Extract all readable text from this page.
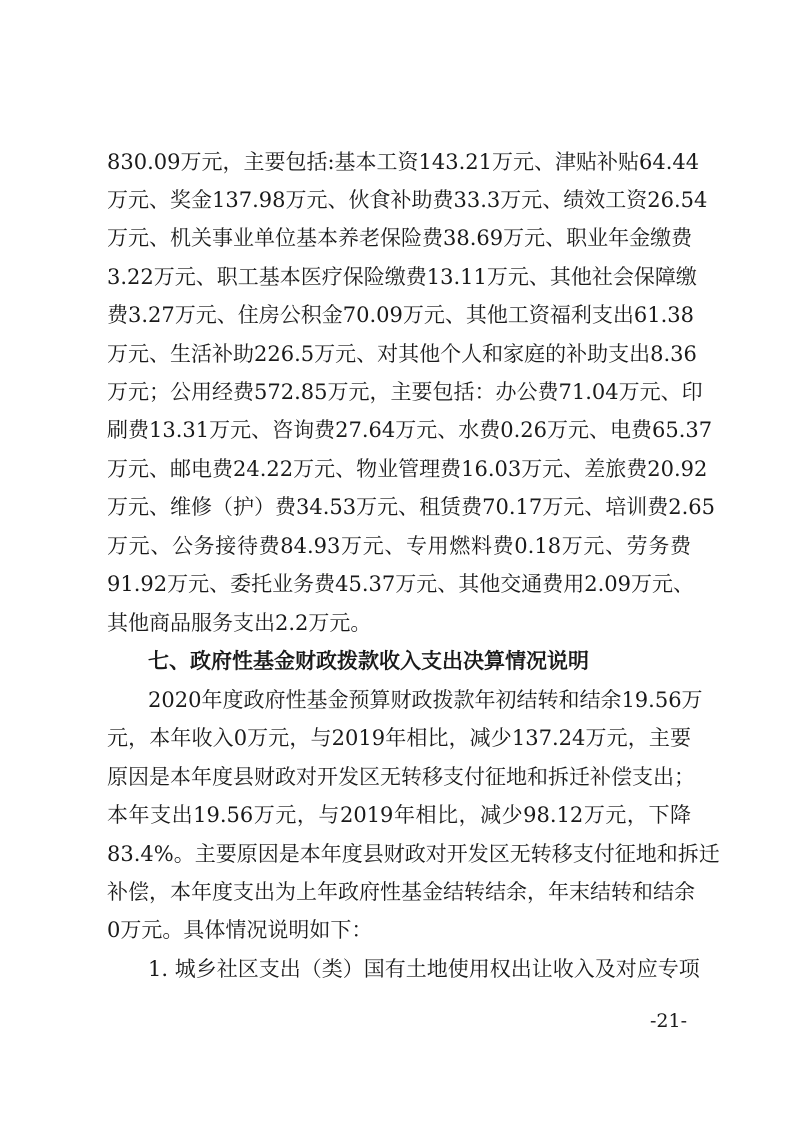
830.09万元，主要包括:基本工资143.21万元、津贴补贴64.44
万元、奖金137.98万元、伙食补助费33.3万元、绩效工资26.54
万元、机关事业单位基本养老保险费38.69万元、职业年金缴费
3.22万元、职工基本医疗保险缴费13.11万元、其他社会保障缴
费3.27万元、住房公积金70.09万元、其他工资福利支出61.38
万元、生活补助226.5万元、对其他个人和家庭的补助支出8.36
万元；公用经费572.85万元，主要包括：办公费71.04万元、印
刷费13.31万元、咨询费27.64万元、水费0.26万元、电费65.37
万元、邮电费24.22万元、物业管理费16.03万元、差旅费20.92
万元、维修（护）费34.53万元、租赁费70.17万元、培训费2.65
万元、公务接待费84.93万元、专用燃料费0.18万元、劳务费
91.92万元、委托业务费45.37万元、其他交通费用2.09万元、
其他商品服务支出2.2万元。
七、政府性基金财政拨款收入支出决算情况说明
2020年度政府性基金预算财政拨款年初结转和结余19.56万
元，本年收入0万元，与2019年相比，减少137.24万元，主要
原因是本年度县财政对开发区无转移支付征地和拆迁补偿支出；
本年支出19.56万元，与2019年相比，减少98.12万元，下降
83.4%。主要原因是本年度县财政对开发区无转移支付征地和拆迁
补偿，本年度支出为上年政府性基金结转结余，年末结转和结余
0万元。具体情况说明如下：
1. 城乡社区支出（类）国有土地使用权出让收入及对应专项
-21-
